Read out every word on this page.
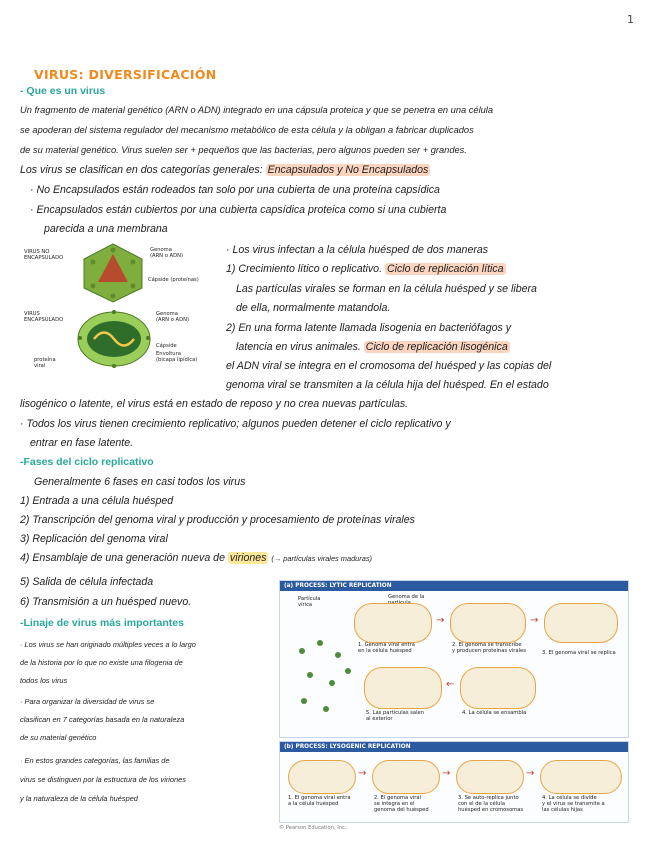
1
VIRUS: DIVERSIFICACIÓN
- Que es un virus
Un fragmento de material genético (ARN o ADN) integrado en una cápsula proteica y que se penetra en una célula
se apoderan del sistema regulador del mecanismo metabólico de esta célula y la obligan a fabricar duplicados
de su material genético. Virus suelen ser + pequeños que las bacterias, pero algunos pueden ser + grandes.
Los virus se clasifican en dos categorías generales: Encapsulados y No Encapsulados
· No Encapsulados están rodeados tan solo por una cubierta de una proteína capsídica
· Encapsulados están cubiertos por una cubierta capsídica proteica como si una cubierta
parecida a una membrana
VIRUS NO
ENCAPSULADO
Genoma
(ARN o ADN)
Cápside (proteínas)
VIRUS
ENCAPSULADO
Genoma
(ARN o ADN)
Cápside
Envoltura
(bicapa lipídica)
proteína
viral
· Los virus infectan a la célula huésped de dos maneras
1) Crecimiento lítico o replicativo. Ciclo de replicación lítica
Las partículas virales se forman en la célula huésped y se libera
de ella, normalmente matandola.
2) En una forma latente llamada lisogenia en bacteriófagos y
latencia en virus animales. Ciclo de replicación lisogénica
el ADN viral se integra en el cromosoma del huésped y las copias del
genoma viral se transmiten a la célula hija del huésped. En el estado
lisogénico o latente, el virus está en estado de reposo y no crea nuevas partículas.
· Todos los virus tienen crecimiento replicativo; algunos pueden detener el ciclo replicativo y
entrar en fase latente.
-Fases del ciclo replicativo
Generalmente 6 fases en casi todos los virus
1) Entrada a una célula huésped
2) Transcripción del genoma viral y producción y procesamiento de proteínas virales
3) Replicación del genoma viral
4) Ensamblaje de una generación nueva de viriones (→ partículas virales maduras)
5) Salida de célula infectada
6) Transmisión a un huésped nuevo.
-Linaje de virus más importantes
· Los virus se han originado múltiples veces a lo largo
de la historia por lo que no existe una filogenia de
todos los virus
· Para organizar la diversidad de virus se
clasifican en 7 categorías basada en la naturaleza
de su material genético
· En estos grandes categorías, las familias de
virus se distinguen por la estructura de los viriones
y la naturaleza de la célula huésped
(a) PROCESS: LYTIC REPLICATION
Partícula
vírica
Genoma de la
→	→
1. Genoma viral entra
en la célula huésped
2. El genoma se transcribe
y producen proteínas virales
←
3. El genoma viral se replica
5. Las partículas salen
al exterior
4. La célula se ensambla
(b) PROCESS: LYSOGENIC REPLICATION
→	→	→
1. El genoma viral entra
a la célula huésped
2. El genoma viral
se integra en el
genoma del huésped
3. Se auto-replica junto
con el de la célula
huésped en cromosomas
4. La célula se divide
y el virus se transmite a
las células hijas
© Pearson Education, Inc.
